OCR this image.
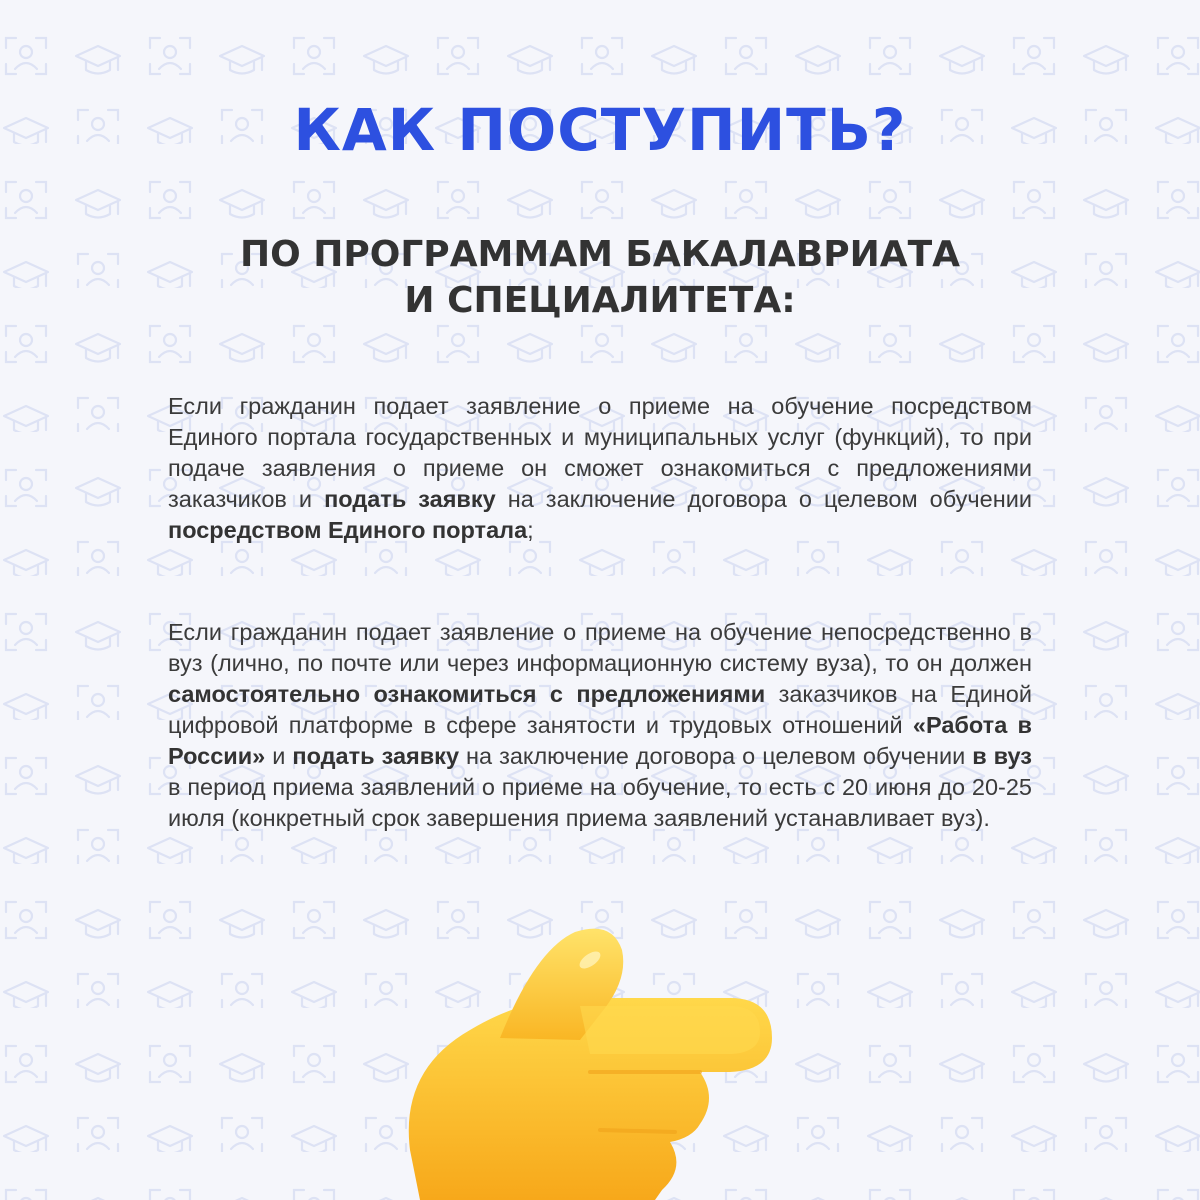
КАК ПОСТУПИТЬ?
ПО ПРОГРАММАМ БАКАЛАВРИАТА
И СПЕЦИАЛИТЕТА:

Если гражданин подает заявление о приеме на обучение посредством Единого портала государственных и муниципальных услуг (функций), то при подаче заявления о приеме он сможет ознакомиться с предложениями заказчиков и подать заявку на заключение договора о целевом обучении посредством Единого портала;

Если гражданин подает заявление о приеме на обучение непосредственно в вуз (лично, по почте или через информационную систему вуза), то он должен самостоятельно ознакомиться с предложениями заказчиков на Единой цифровой платформе в сфере занятости и трудовых отношений «Работа в России» и подать заявку на заключение договора о целевом обучении в вуз в период приема заявлений о приеме на обучение, то есть с 20 июня до 20-25 июля (конкретный срок завершения приема заявлений устанавливает вуз).
